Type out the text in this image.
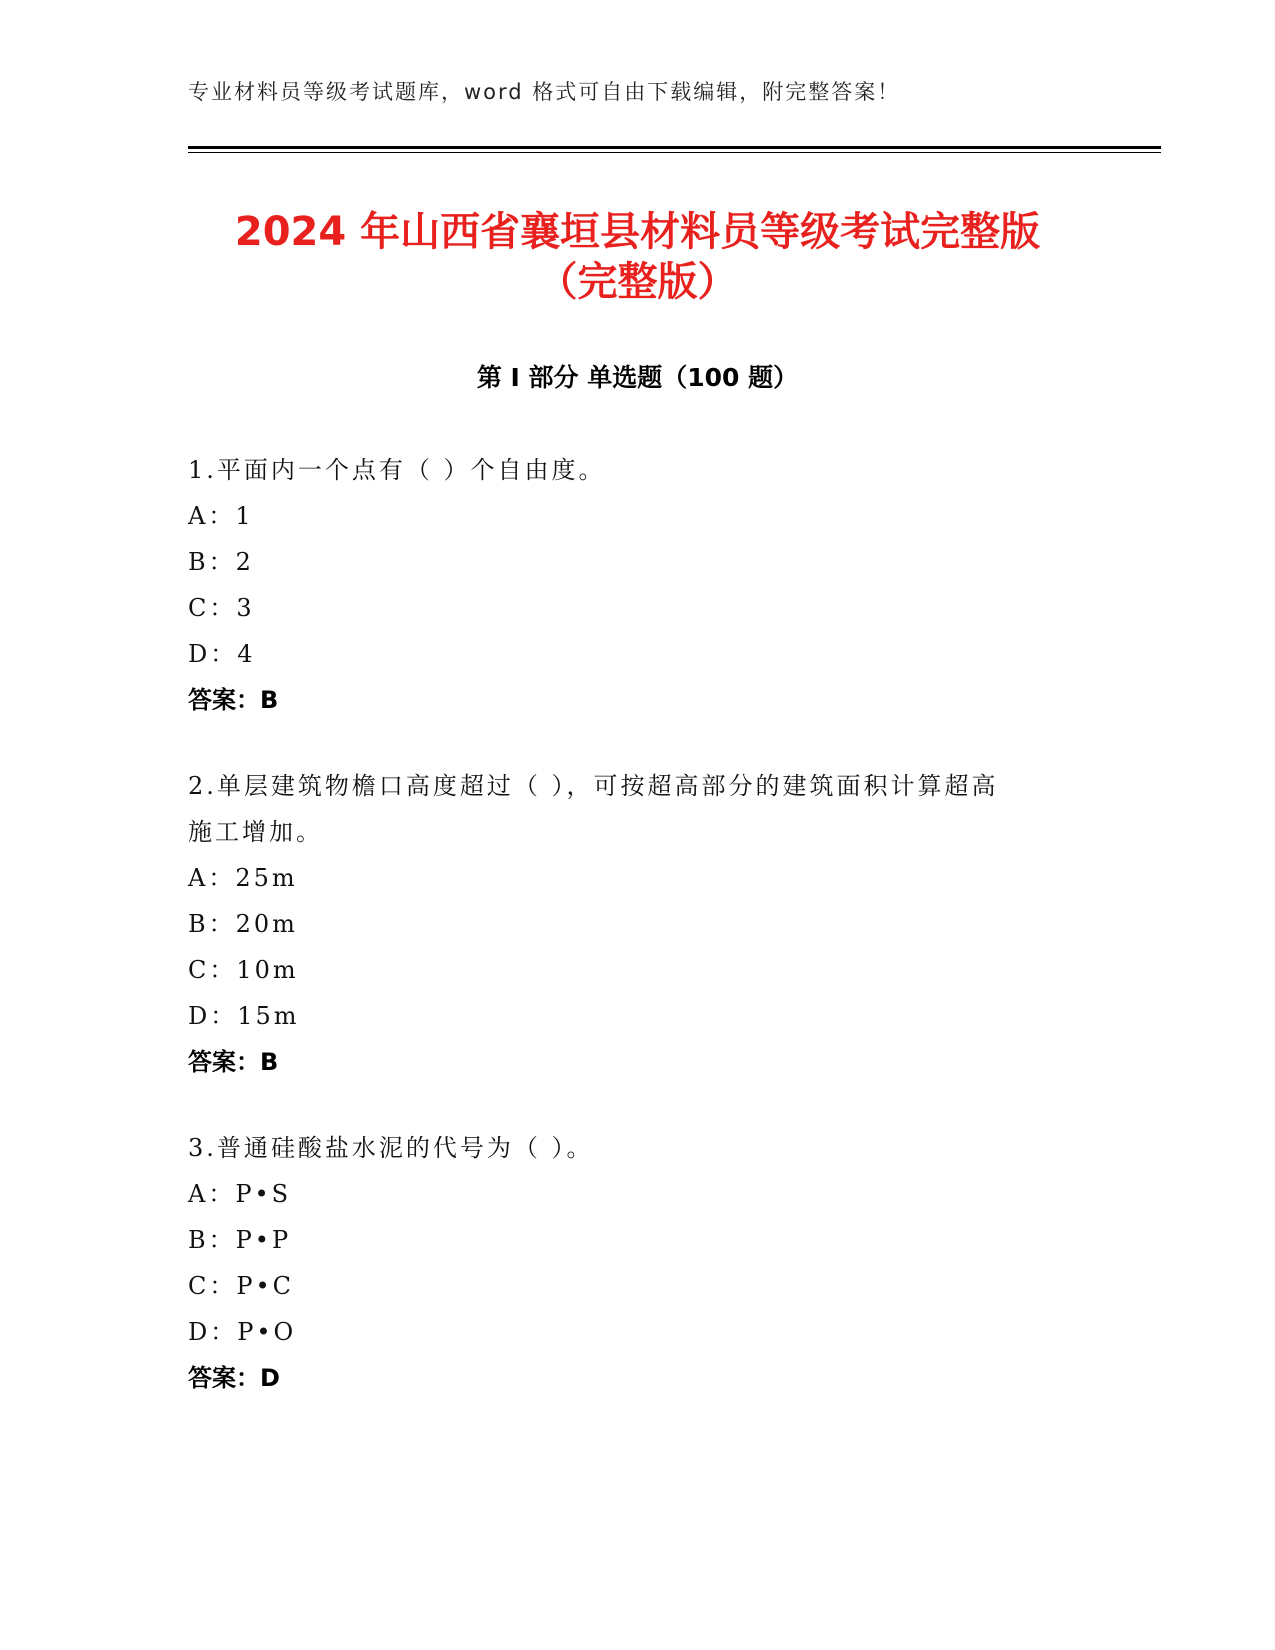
专业材料员等级考试题库，word 格式可自由下载编辑，附完整答案！
2024 年山西省襄垣县材料员等级考试完整版
（完整版）
第 I 部分 单选题（100 题）
1.平面内一个点有（ ）个自由度。
A：1
B：2
C：3
D：4
答案：B
2.单层建筑物檐口高度超过（ ），可按超高部分的建筑面积计算超高
施工增加。
A：25m
B：20m
C：10m
D：15m
答案：B
3.普通硅酸盐水泥的代号为（ ）。
A：P•S
B：P•P
C：P•C
D：P•O
答案：D
